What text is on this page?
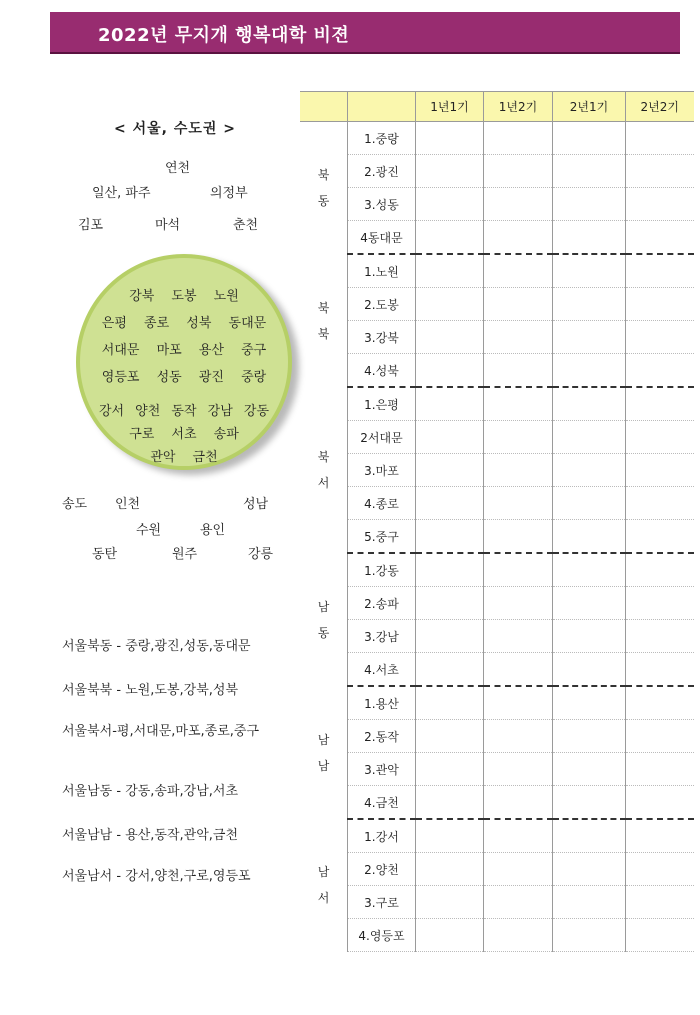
2022년 무지개 행복대학 비젼
< 서울, 수도권 >
연천
일산, 파주	의정부
김포	마석	춘천
강북 도봉 노원
은평 종로 성북 동대문
서대문 마포 용산 중구
영등포 성동 광진 중랑
강서 양천 동작 강남 강동
구로 서초 송파
관악 금천
송도 인천	성남
수원	용인
동탄	원주	강릉
서울북동 - 중랑,광진,성동,동대문
서울북북 - 노원,도봉,강북,성북
서울북서-평,서대문,마포,종로,중구
서울남동 - 강동,송파,강남,서초
서울남남 - 용산,동작,관악,금천
서울남서 - 강서,양천,구로,영등포
		1년1기	1년2기	2년1기	2년2기

북
동	1.중랑				
	2.광진				
	3.성동				
	4동대문				

북
북	1.노원				
	2.도봉				
	3.강북				
	4.성북				

북
서	1.은평				
	2서대문				
	3.마포				
	4.종로				
	5.중구				

남
동	1.강동				
	2.송파				
	3.강남				
	4.서초				

남
남	1.용산				
	2.동작				
	3.관악				
	4.금천				

남
서	1.강서				
	2.양천				
	3.구로				
	4.영등포				
